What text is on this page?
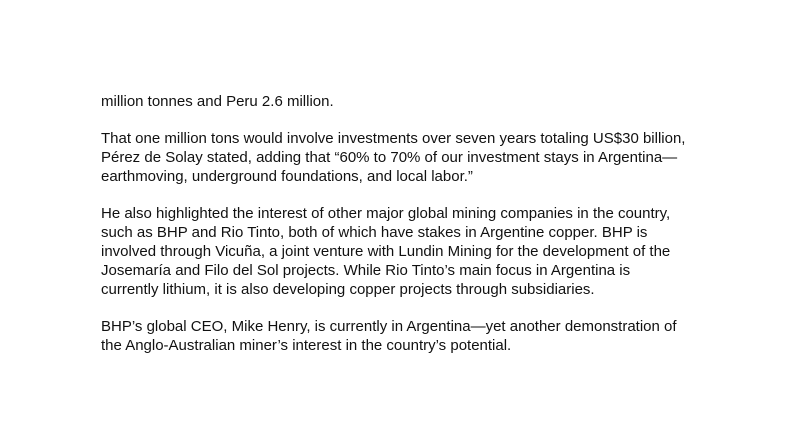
million tonnes and Peru 2.6 million.

That one million tons would involve investments over seven years totaling US$30 billion,

Pérez de Solay stated, adding that “60% to 70% of our investment stays in Argentina—

earthmoving, underground foundations, and local labor.”

He also highlighted the interest of other major global mining companies in the country,

such as BHP and Rio Tinto, both of which have stakes in Argentine copper. BHP is

involved through Vicuña, a joint venture with Lundin Mining for the development of the

Josemaría and Filo del Sol projects. While Rio Tinto’s main focus in Argentina is

currently lithium, it is also developing copper projects through subsidiaries.

BHP’s global CEO, Mike Henry, is currently in Argentina—yet another demonstration of

the Anglo-Australian miner’s interest in the country’s potential.
